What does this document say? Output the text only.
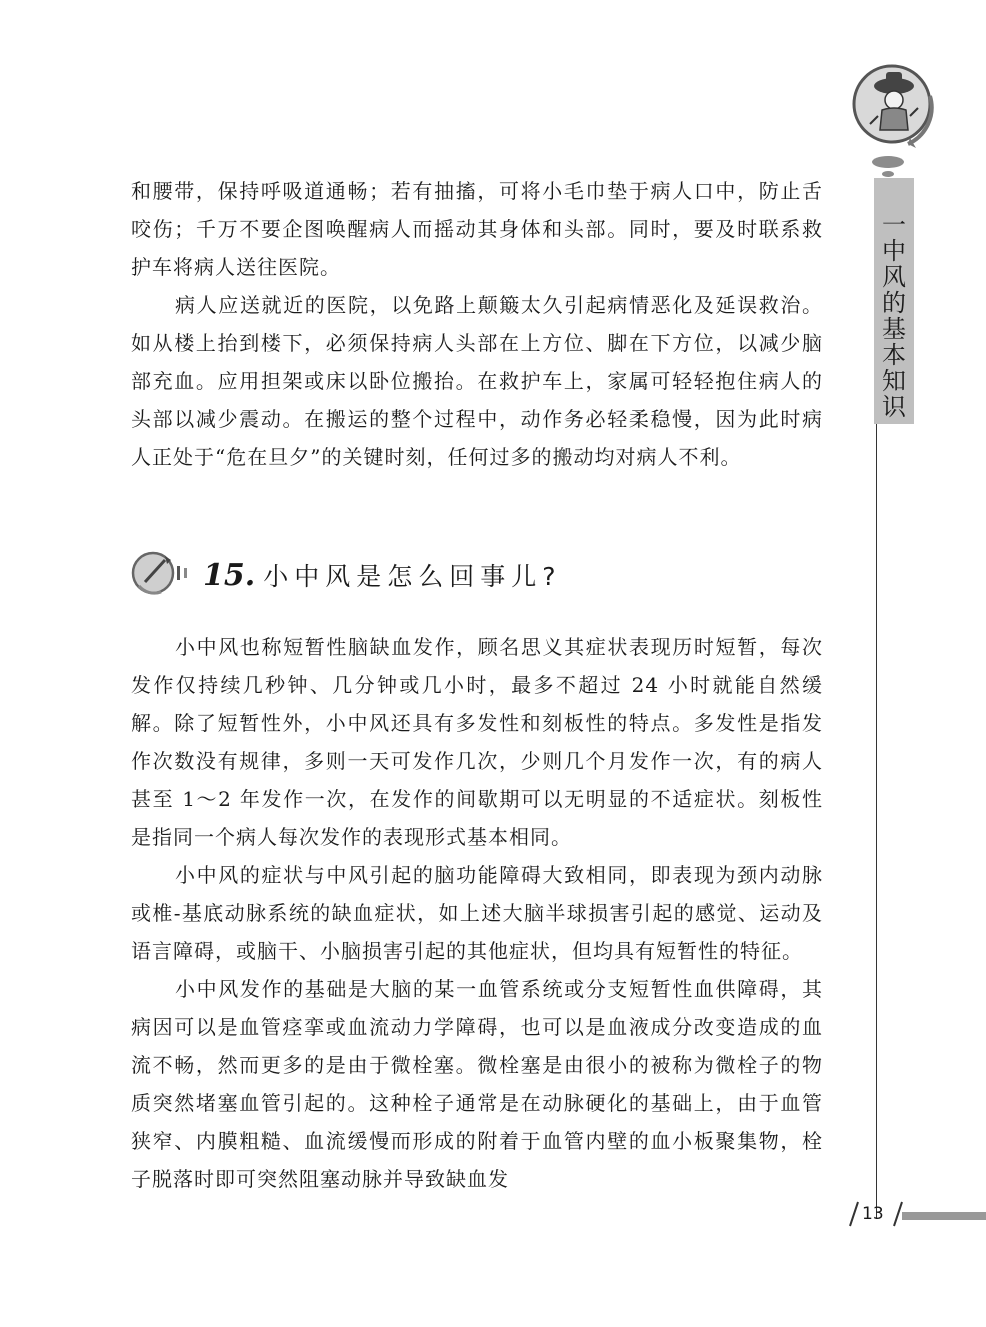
一
中
风
的
基
本
知
识

和腰带，保持呼吸道通畅；若有抽搐，可将小毛巾垫于病人口中，防止舌咬伤；千万不要企图唤醒病人而摇动其身体和头部。同时，要及时联系救护车将病人送往医院。

病人应送就近的医院，以免路上颠簸太久引起病情恶化及延误救治。如从楼上抬到楼下，必须保持病人头部在上方位、脚在下方位，以减少脑部充血。应用担架或床以卧位搬抬。在救护车上，家属可轻轻抱住病人的头部以减少震动。在搬运的整个过程中，动作务必轻柔稳慢，因为此时病人正处于“危在旦夕”的关键时刻，任何过多的搬动均对病人不利。

15. 小中风是怎么回事儿?

小中风也称短暂性脑缺血发作，顾名思义其症状表现历时短暂，每次发作仅持续几秒钟、几分钟或几小时，最多不超过 24 小时就能自然缓解。除了短暂性外，小中风还具有多发性和刻板性的特点。多发性是指发作次数没有规律，多则一天可发作几次，少则几个月发作一次，有的病人甚至 1～2 年发作一次，在发作的间歇期可以无明显的不适症状。刻板性是指同一个病人每次发作的表现形式基本相同。

小中风的症状与中风引起的脑功能障碍大致相同，即表现为颈内动脉或椎-基底动脉系统的缺血症状，如上述大脑半球损害引起的感觉、运动及语言障碍，或脑干、小脑损害引起的其他症状，但均具有短暂性的特征。

小中风发作的基础是大脑的某一血管系统或分支短暂性血供障碍，其病因可以是血管痉挛或血流动力学障碍，也可以是血液成分改变造成的血流不畅，然而更多的是由于微栓塞。微栓塞是由很小的被称为微栓子的物质突然堵塞血管引起的。这种栓子通常是在动脉硬化的基础上，由于血管狭窄、内膜粗糙、血流缓慢而形成的附着于血管内壁的血小板聚集物，栓子脱落时即可突然阻塞动脉并导致缺血发

13
